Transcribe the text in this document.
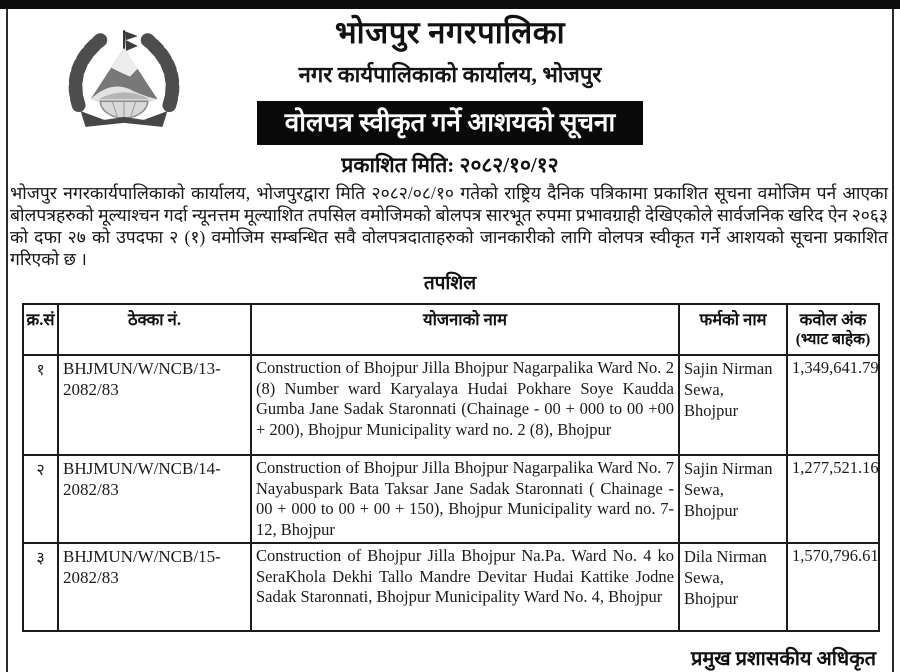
भोजपुर नगरपालिका
नगर कार्यपालिकाको कार्यालय, भोजपुर
वोलपत्र स्वीकृत गर्ने आशयको सूचना
प्रकाशित मिति: २०८२/१०/१२

भोजपुर नगरकार्यपालिकाको कार्यालय, भोजपुरद्वारा मिति २०८२/०८/१० गतेको राष्ट्रिय दैनिक पत्रिकामा प्रकाशित सूचना वमोजिम पर्न आएका बोलपत्रहरुको मूल्याश्चन गर्दा न्यूनत्तम मूल्याशित तपसिल वमोजिमको बोलपत्र सारभूत रुपमा प्रभावग्राही देखिएकोले सार्वजनिक खरिद ऐन २०६३ को दफा २७ को उपदफा २ (१) वमोजिम सम्बन्धित सवै वोलपत्रदाताहरुको जानकारीको लागि वोलपत्र स्वीकृत गर्ने आशयको सूचना प्रकाशित गरिएको छ ।

तपशिल
क्र.सं	ठेक्का नं.	योजनाको नाम	फर्मको नाम	कवोल अंक
(भ्याट बाहेक)

१	BHJMUN/W/NCB/13-2082/83	Construction of Bhojpur Jilla Bhojpur Nagarpalika Ward No. 2 (8) Number ward Karyalaya Hudai Pokhare Soye Kaudda Gumba Jane Sadak Staronnati (Chainage - 00 + 000 to 00 +00 + 200), Bhojpur Municipality ward no. 2 (8), Bhojpur	Sajin Nirman Sewa, Bhojpur	1,349,641.79
२	BHJMUN/W/NCB/14-2082/83	Construction of Bhojpur Jilla Bhojpur Nagarpalika Ward No. 7 Nayabuspark Bata Taksar Jane Sadak Staronnati ( Chainage - 00 + 000 to 00 + 00 + 150), Bhojpur Municipality ward no. 7- 12, Bhojpur	Sajin Nirman Sewa, Bhojpur	1,277,521.16
३	BHJMUN/W/NCB/15-2082/83	Construction of Bhojpur Jilla Bhojpur Na.Pa. Ward No. 4 ko SeraKhola Dekhi Tallo Mandre Devitar Hudai Kattike Jodne Sadak Staronnati, Bhojpur Municipality Ward No. 4, Bhojpur	Dila Nirman Sewa, Bhojpur	1,570,796.61
प्रमुख प्रशासकीय अधिकृत
